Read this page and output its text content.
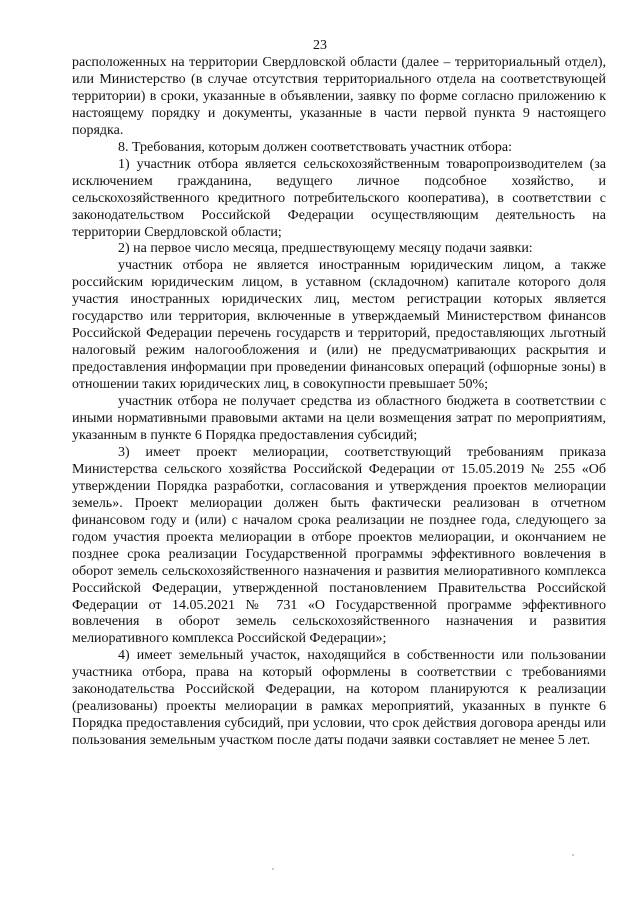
23

расположенных на территории Свердловской области (далее – территориальный отдел), или Министерство (в случае отсутствия территориального отдела на соответствующей территории) в сроки, указанные в объявлении, заявку по форме согласно приложению к настоящему порядку и документы, указанные в части первой пункта 9 настоящего порядка.

8. Требования, которым должен соответствовать участник отбора:

1) участник отбора является сельскохозяйственным товаропроизводителем (за исключением гражданина, ведущего личное подсобное хозяйство, и сельскохозяйственного кредитного потребительского кооператива), в соответствии с законодательством Российской Федерации осуществляющим деятельность на территории Свердловской области;

2) на первое число месяца, предшествующему месяцу подачи заявки:

участник отбора не является иностранным юридическим лицом, а также российским юридическим лицом, в уставном (складочном) капитале которого доля участия иностранных юридических лиц, местом регистрации которых является государство или территория, включенные в утверждаемый Министерством финансов Российской Федерации перечень государств и территорий, предоставляющих льготный налоговый режим налогообложения и (или) не предусматривающих раскрытия и предоставления информации при проведении финансовых операций (офшорные зоны) в отношении таких юридических лиц, в совокупности превышает 50%;

участник отбора не получает средства из областного бюджета в соответствии с иными нормативными правовыми актами на цели возмещения затрат по мероприятиям, указанным в пункте 6 Порядка предоставления субсидий;

3) имеет проект мелиорации, соответствующий требованиям приказа Министерства сельского хозяйства Российской Федерации от 15.05.2019 № 255 «Об утверждении Порядка разработки, согласования и утверждения проектов мелиорации земель». Проект мелиорации должен быть фактически реализован в отчетном финансовом году и (или) с началом срока реализации не позднее года, следующего за годом участия проекта мелиорации в отборе проектов мелиорации, и окончанием не позднее срока реализации Государственной программы эффективного вовлечения в оборот земель сельскохозяйственного назначения и развития мелиоративного комплекса Российской Федерации, утвержденной постановлением Правительства Российской Федерации от 14.05.2021 № 731 «О Государственной программе эффективного вовлечения в оборот земель сельскохозяйственного назначения и развития мелиоративного комплекса Российской Федерации»;

4) имеет земельный участок, находящийся в собственности или пользовании участника отбора, права на который оформлены в соответствии с требованиями законодательства Российской Федерации, на котором планируются к реализации (реализованы) проекты мелиорации в рамках мероприятий, указанных в пункте 6 Порядка предоставления субсидий, при условии, что срок действия договора аренды или пользования земельным участком после даты подачи заявки составляет не менее 5 лет.
